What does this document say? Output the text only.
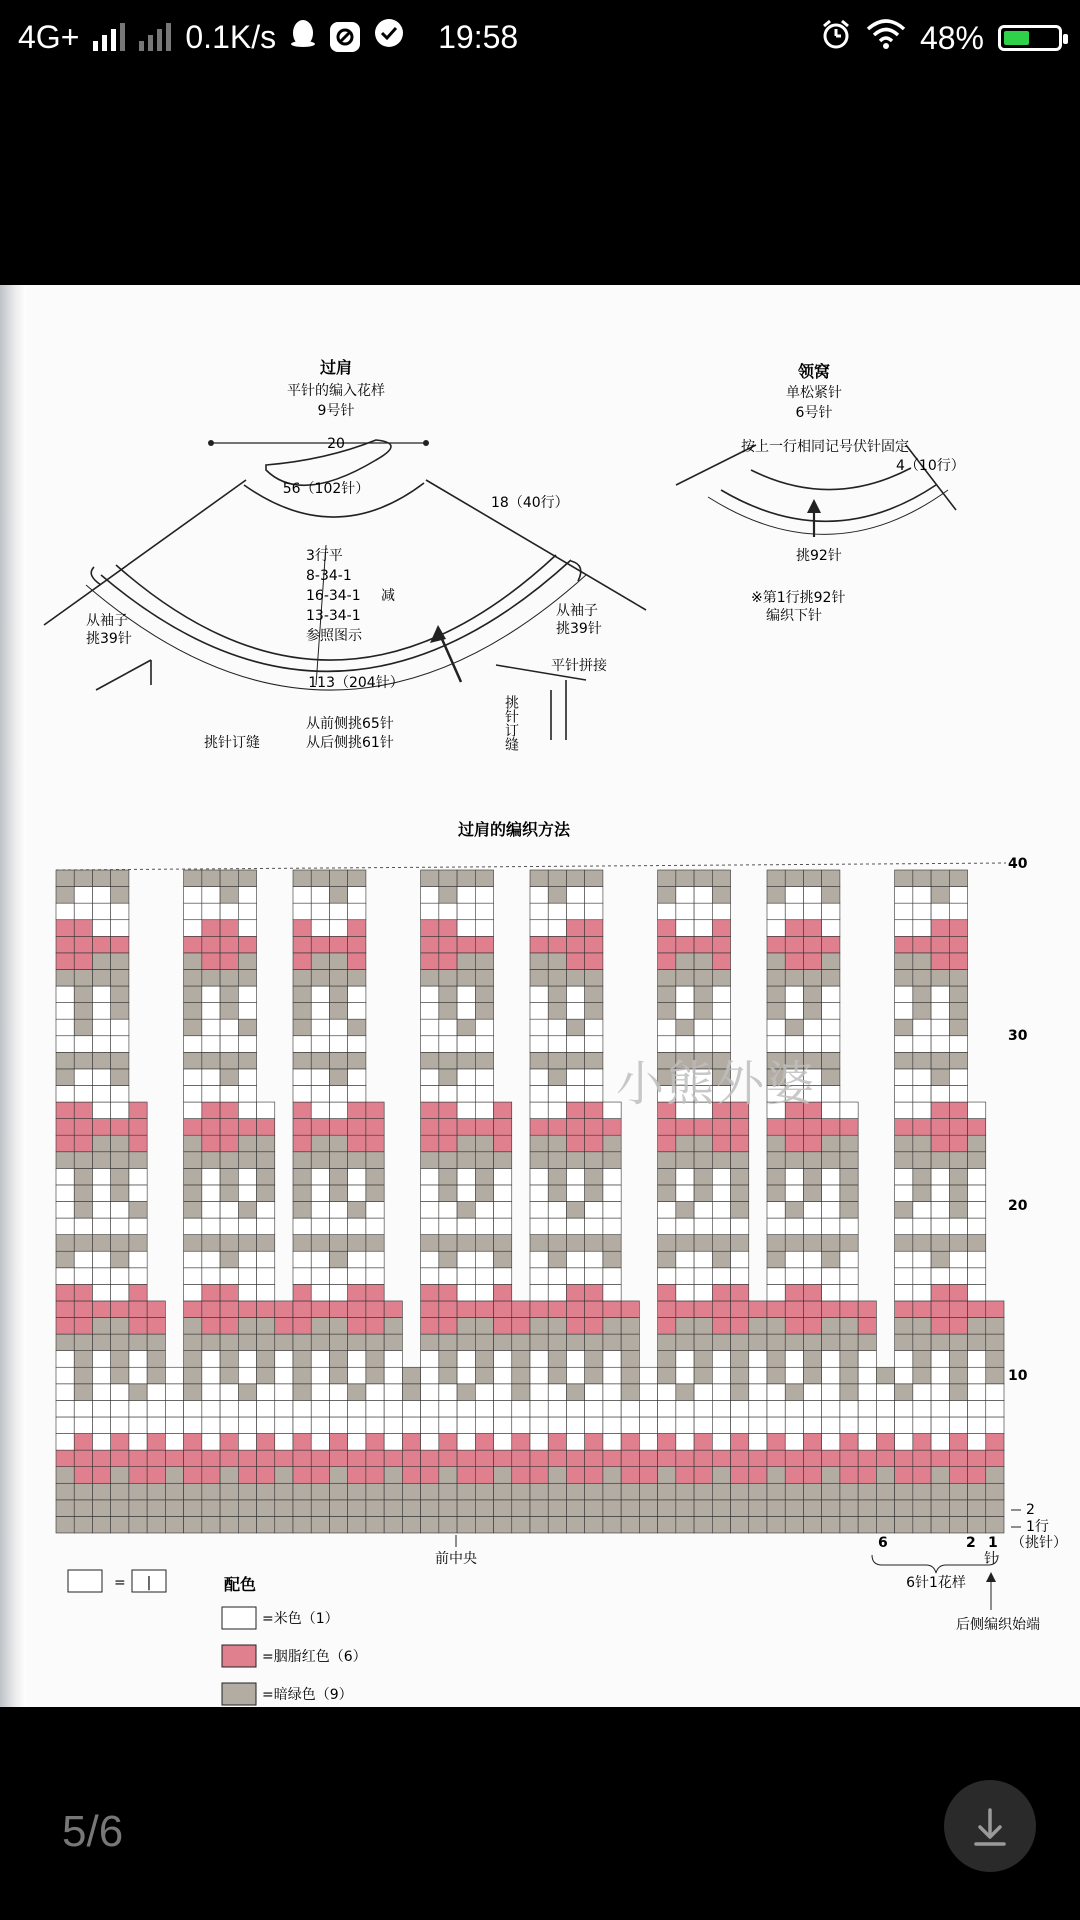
4G+	0.1K/s	19:58	48%
过肩
平针的编入花样
9号针
20
56（102针）
18（40行）
3行平
8-34-1
16-34-1
13-34-1
参照图示
减
从袖子
挑39针
从袖子
挑39针
113（204针）
平针拼接
从前侧挑65针
从后侧挑61针
挑针订缝	挑针订缝
领窝
单松紧针
6号针
按上一行相同记号伏针固定
4（10行）
挑92针
※第1行挑92针
编织下针
过肩的编织方法
40
30
20
10
2
1行
（挑针）
前中央
6	2 1
针
6针1花样
后侧编织始端
= |	配色
=米色（1）
=胭脂红色（6）
=暗绿色（9）
小熊外婆
5/6
